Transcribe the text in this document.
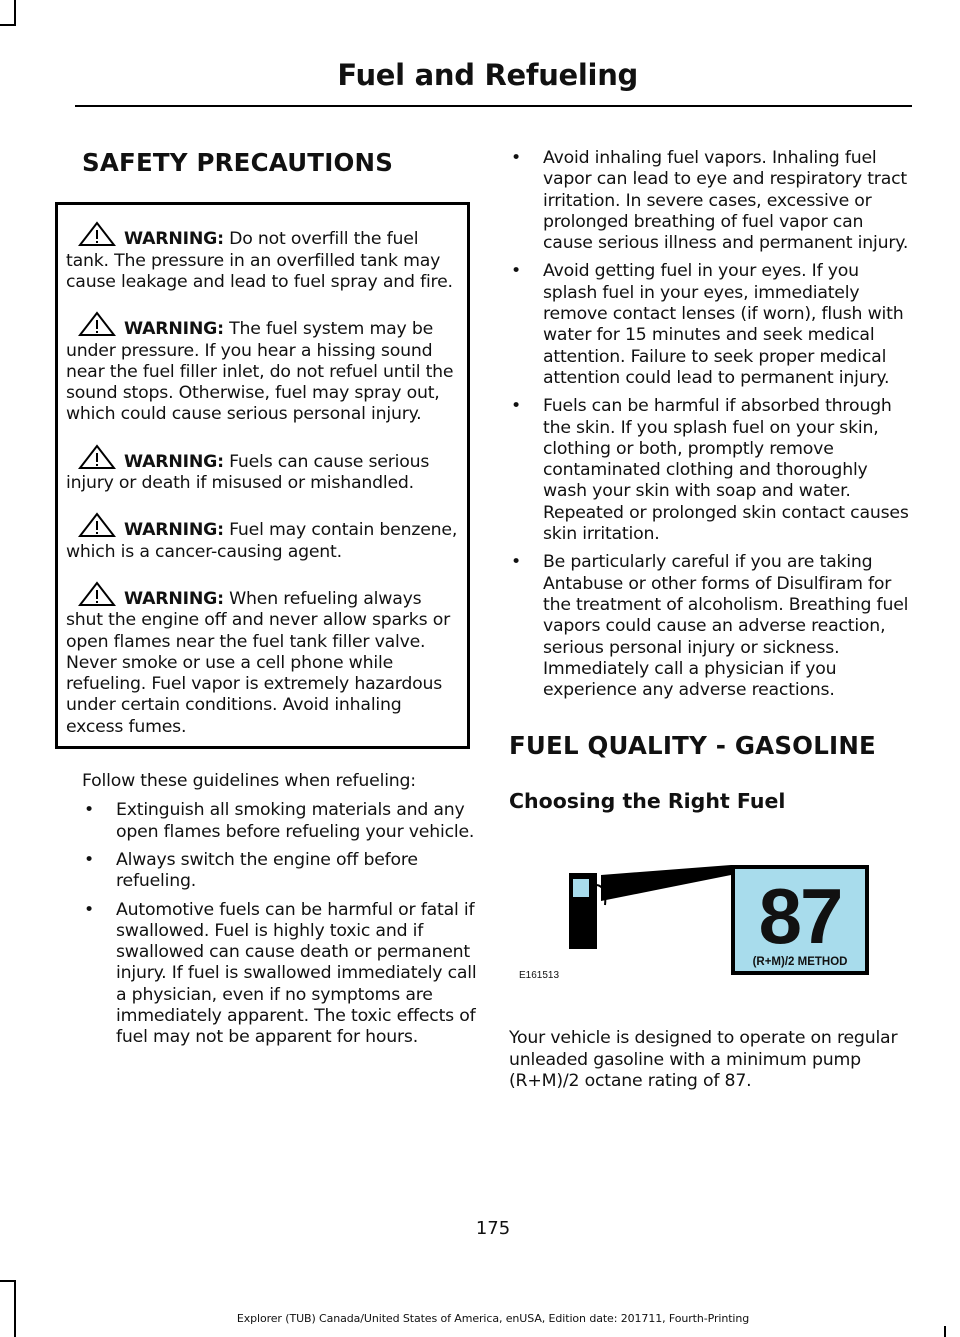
Fuel and Refueling
SAFETY PRECAUTIONS
WARNING: Do not overfill the fuel tank. The pressure in an overfilled tank may cause leakage and lead to fuel spray and fire.
WARNING: The fuel system may be under pressure. If you hear a hissing sound near the fuel filler inlet, do not refuel until the sound stops. Otherwise, fuel may spray out, which could cause serious personal injury.
WARNING: Fuels can cause serious injury or death if misused or mishandled.
WARNING: Fuel may contain benzene, which is a cancer-causing agent.
WARNING: When refueling always shut the engine off and never allow sparks or open flames near the fuel tank filler valve. Never smoke or use a cell phone while refueling. Fuel vapor is extremely hazardous under certain conditions. Avoid inhaling excess fumes.

Follow these guidelines when refueling:

• Extinguish all smoking materials and any open flames before refueling your vehicle.
• Always switch the engine off before refueling.
• Automotive fuels can be harmful or fatal if swallowed. Fuel is highly toxic and if swallowed can cause death or permanent injury. If fuel is swallowed immediately call a physician, even if no symptoms are immediately apparent. The toxic effects of fuel may not be apparent for hours.
• Avoid inhaling fuel vapors. Inhaling fuel vapor can lead to eye and respiratory tract irritation. In severe cases, excessive or prolonged breathing of fuel vapor can cause serious illness and permanent injury.
• Avoid getting fuel in your eyes. If you splash fuel in your eyes, immediately remove contact lenses (if worn), flush with water for 15 minutes and seek medical attention. Failure to seek proper medical attention could lead to permanent injury.
• Fuels can be harmful if absorbed through the skin. If you splash fuel on your skin, clothing or both, promptly remove contaminated clothing and thoroughly wash your skin with soap and water. Repeated or prolonged skin contact causes skin irritation.
• Be particularly careful if you are taking Antabuse or other forms of Disulfiram for the treatment of alcoholism. Breathing fuel vapors could cause an adverse reaction, serious personal injury or sickness. Immediately call a physician if you experience any adverse reactions.
FUEL QUALITY - GASOLINE
Choosing the Right Fuel
87
(R+M)/2 METHOD
E161513

Your vehicle is designed to operate on regular unleaded gasoline with a minimum pump (R+M)/2 octane rating of 87.

175
Explorer (TUB) Canada/United States of America, enUSA, Edition date: 201711, Fourth-Printing
